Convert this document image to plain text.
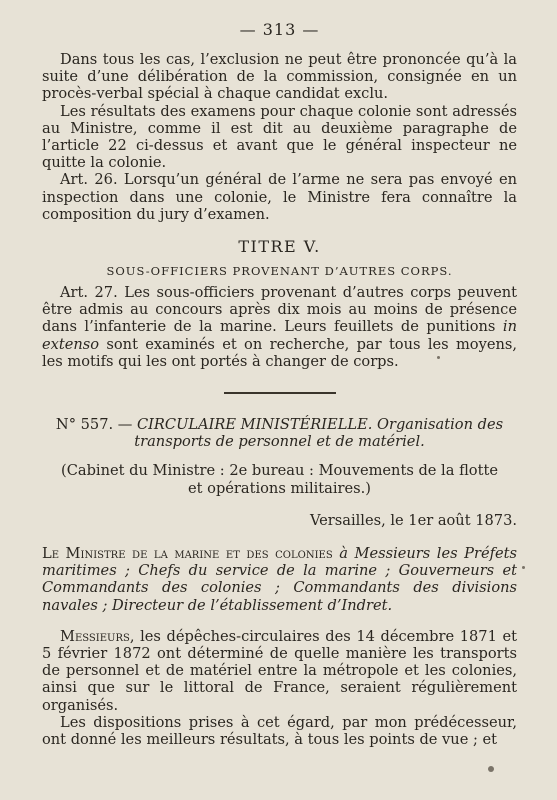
— 313 —

Dans tous les cas, l’exclusion ne peut être prononcée qu’à la suite d’une délibération de la commission, consignée en un procès-verbal spécial à chaque candidat exclu.

Les résultats des examens pour chaque colonie sont adressés au Ministre, comme il est dit au deuxième paragraphe de l’article 22 ci-dessus et avant que le général inspecteur ne quitte la colonie.

Art. 26. Lorsqu’un général de l’arme ne sera pas envoyé en inspection dans une colonie, le Ministre fera connaître la composition du jury d’examen.

TITRE V.
SOUS-OFFICIERS PROVENANT D’AUTRES CORPS.

Art. 27. Les sous-officiers provenant d’autres corps peuvent être admis au concours après dix mois au moins de présence dans l’infanterie de la marine. Leurs feuillets de punitions in extenso sont examinés et on recherche, par tous les moyens, les motifs qui les ont portés à changer de corps.

N° 557. — CIRCULAIRE MINISTÉRIELLE. Organisation des transports de personnel et de matériel.
(Cabinet du Ministre : 2e bureau : Mouvements de la flotte
et opérations militaires.)
Versailles, le 1er août 1873.

Le Ministre de la marine et des colonies à Messieurs les Préfets maritimes ; Chefs du service de la marine ; Gouverneurs et Commandants des colonies ; Commandants des divisions navales ; Directeur de l’établissement d’Indret.

Messieurs, les dépêches-circulaires des 14 décembre 1871 et 5 février 1872 ont déterminé de quelle manière les transports de personnel et de matériel entre la métropole et les colonies, ainsi que sur le littoral de France, seraient régulièrement organisés.

Les dispositions prises à cet égard, par mon prédécesseur, ont donné les meilleurs résultats, à tous les points de vue ; et
